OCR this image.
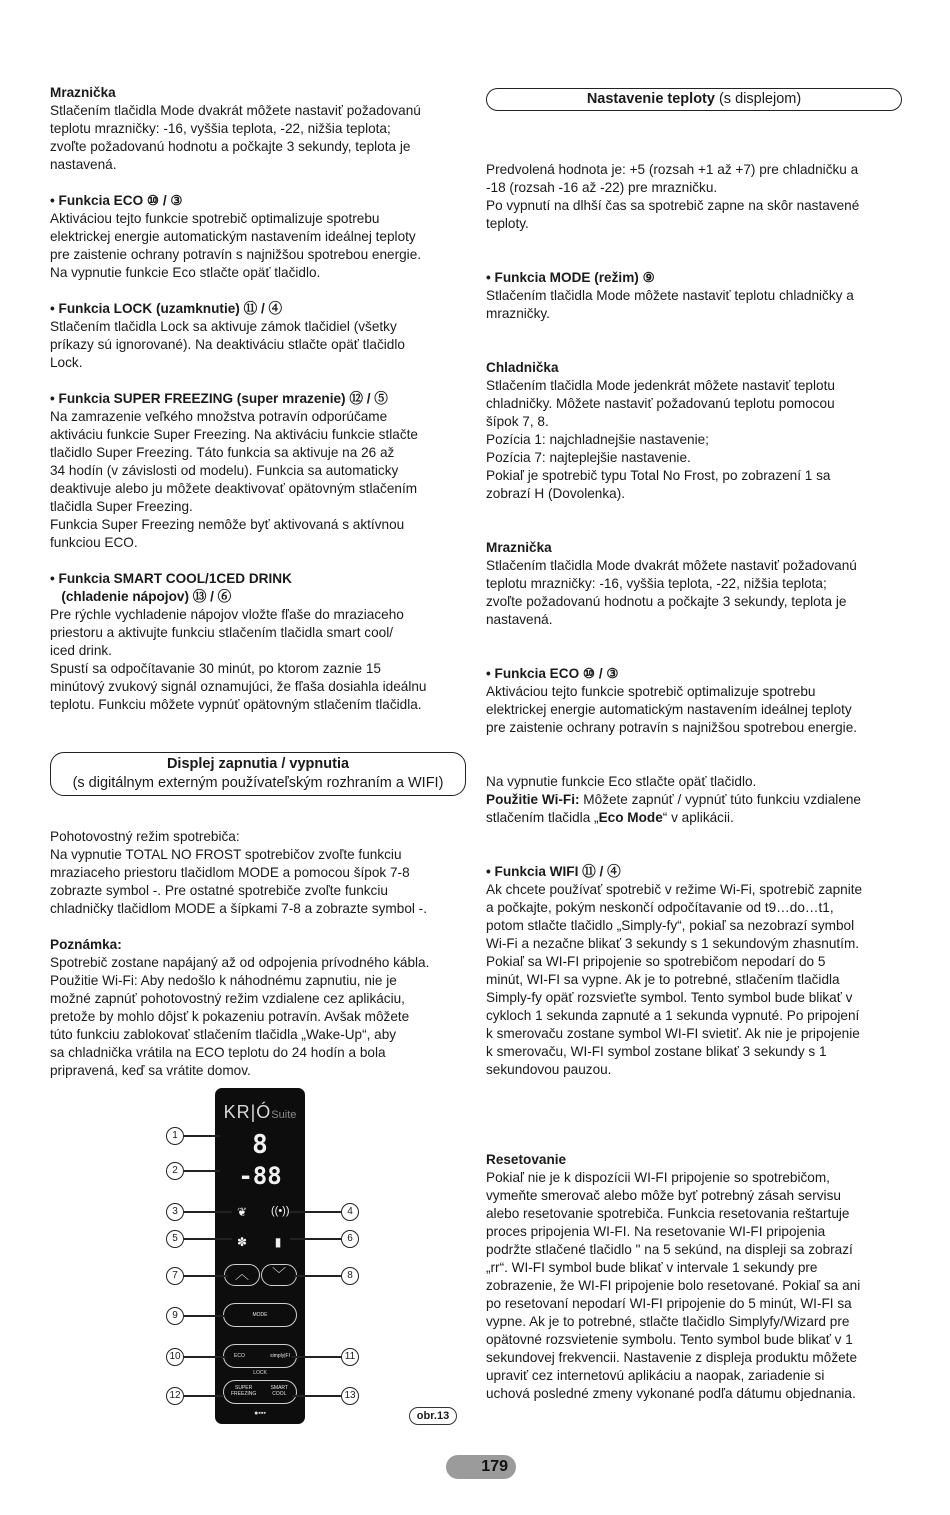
Mraznička
Stlačením tlačidla Mode dvakrát môžete nastaviť požadovanú
teplotu mrazničky: -16, vyššia teplota, -22, nižšia teplota;
zvoľte požadovanú hodnotu a počkajte 3 sekundy, teplota je
nastavená.
• Funkcia ECO ⑩ / ③
Aktiváciou tejto funkcie spotrebič optimalizuje spotrebu
elektrickej energie automatickým nastavením ideálnej teploty
pre zaistenie ochrany potravín s najnižšou spotrebou energie.
Na vypnutie funkcie Eco stlačte opäť tlačidlo.
• Funkcia LOCK (uzamknutie) ⑪ / ④
Stlačením tlačidla Lock sa aktivuje zámok tlačidiel (všetky
príkazy sú ignorované). Na deaktiváciu stlačte opäť tlačidlo
Lock.
• Funkcia SUPER FREEZING (super mrazenie) ⑫ / ⑤
Na zamrazenie veľkého množstva potravín odporúčame
aktiváciu funkcie Super Freezing. Na aktiváciu funkcie stlačte
tlačidlo Super Freezing. Táto funkcia sa aktivuje na 26 až
34 hodín (v závislosti od modelu). Funkcia sa automaticky
deaktivuje alebo ju môžete deaktivovať opätovným stlačením
tlačidla Super Freezing.
Funkcia Super Freezing nemôže byť aktivovaná s aktívnou
funkciou ECO.
• Funkcia SMART COOL/1CED DRINK
(chladenie nápojov) ⑬ / ⑥
Pre rýchle vychladenie nápojov vložte fľaše do mraziaceho
priestoru a aktivujte funkciu stlačením tlačidla smart cool/
iced drink.
Spustí sa odpočítavanie 30 minút, po ktorom zaznie 15
minútový zvukový signál oznamujúci, že fľaša dosiahla ideálnu
teplotu. Funkciu môžete vypnúť opätovným stlačením tlačidla.
Displej zapnutia / vypnutia
(s digitálnym externým používateľským rozhraním a WIFI)
Pohotovostný režim spotrebiča:
Na vypnutie TOTAL NO FROST spotrebičov zvoľte funkciu
mraziaceho priestoru tlačidlom MODE a pomocou šípok 7-8
zobrazte symbol -. Pre ostatné spotrebiče zvoľte funkciu
chladničky tlačidlom MODE a šípkami 7-8 a zobrazte symbol -.
Poznámka:
Spotrebič zostane napájaný až od odpojenia prívodného kábla.
Použitie Wi-Fi: Aby nedošlo k náhodnému zapnutiu, nie je
možné zapnúť pohotovostný režim vzdialene cez aplikáciu,
pretože by mohlo dôjsť k pokazeniu potravín. Avšak môžete
túto funkciu zablokovať stlačením tlačidla „Wake-Up“, aby
sa chladnička vrátila na ECO teplotu do 24 hodín a bola
pripravená, keď sa vrátite domov.
Nastavenie teploty (s displejom)
Predvolená hodnota je: +5 (rozsah +1 až +7) pre chladničku a
-18 (rozsah -16 až -22) pre mrazničku.
Po vypnutí na dlhší čas sa spotrebič zapne na skôr nastavené
teploty.
• Funkcia MODE (režim) ⑨
Stlačením tlačidla Mode môžete nastaviť teplotu chladničky a
mrazničky.
Chladnička
Stlačením tlačidla Mode jedenkrát môžete nastaviť teplotu
chladničky. Môžete nastaviť požadovanú teplotu pomocou
šípok 7, 8.
Pozícia 1: najchladnejšie nastavenie;
Pozícia 7: najteplejšie nastavenie.
Pokiaľ je spotrebič typu Total No Frost, po zobrazení 1 sa
zobrazí H (Dovolenka).
Mraznička
Stlačením tlačidla Mode dvakrát môžete nastaviť požadovanú
teplotu mrazničky: -16, vyššia teplota, -22, nižšia teplota;
zvoľte požadovanú hodnotu a počkajte 3 sekundy, teplota je
nastavená.
• Funkcia ECO ⑩ / ③
Aktiváciou tejto funkcie spotrebič optimalizuje spotrebu
elektrickej energie automatickým nastavením ideálnej teploty
pre zaistenie ochrany potravín s najnižšou spotrebou energie.
Na vypnutie funkcie Eco stlačte opäť tlačidlo.
Použitie Wi-Fi: Môžete zapnúť / vypnúť túto funkciu vzdialene
stlačením tlačidla „Eco Mode“ v aplikácii.
• Funkcia WIFI ⑪ / ④
Ak chcete používať spotrebič v režime Wi-Fi, spotrebič zapnite
a počkajte, pokým neskončí odpočítavanie od t9…do…t1,
potom stlačte tlačidlo „Simply-fy“, pokiaľ sa nezobrazí symbol
Wi-Fi a nezačne blikať 3 sekundy s 1 sekundovým zhasnutím.
Pokiaľ sa WI-FI pripojenie so spotrebičom nepodarí do 5
minút, WI-FI sa vypne. Ak je to potrebné, stlačením tlačidla
Simply-fy opäť rozsvieťte symbol. Tento symbol bude blikať v
cykloch 1 sekunda zapnuté a 1 sekunda vypnuté. Po pripojení
k smerovaču zostane symbol WI-FI svietiť. Ak nie je pripojenie
k smerovaču, WI-FI symbol zostane blikať 3 sekundy s 1
sekundovou pauzou.
Resetovanie
Pokiaľ nie je k dispozícii WI-FI pripojenie so spotrebičom,
vymeňte smerovač alebo môže byť potrebný zásah servisu
alebo resetovanie spotrebiča. Funkcia resetovania reštartuje
proces pripojenia WI-FI. Na resetovanie WI-FI pripojenia
podržte stlačené tlačidlo " na 5 sekúnd, na displeji sa zobrazí
„rr“. WI-FI symbol bude blikať v intervale 1 sekundy pre
zobrazenie, že WI-FI pripojenie bolo resetované. Pokiaľ sa ani
po resetovaní nepodarí WI-FI pripojenie do 5 minút, WI-FI sa
vypne. Ak je to potrebné, stlačte tlačidlo Simplyfy/Wizard pre
opätovné rozsvietenie symbolu. Tento symbol bude blikať v 1
sekundovej frekvencii. Nastavenie z displeja produktu môžete
upraviť cez internetovú aplikáciu a naopak, zariadenie si
uchová posledné zmeny vykonané podľa dátumu objednania.
KR|ÓSuite
8
-88
❦ ((•))
✽	▮
︿	﹀
MODE
ECO	simply|FI
LOCK
SUPER
FREEZING
SMART
COOL
●▪▪▪
1
2
3	4
5	6
7	8
9
10	11
12	13
obr.13
179
